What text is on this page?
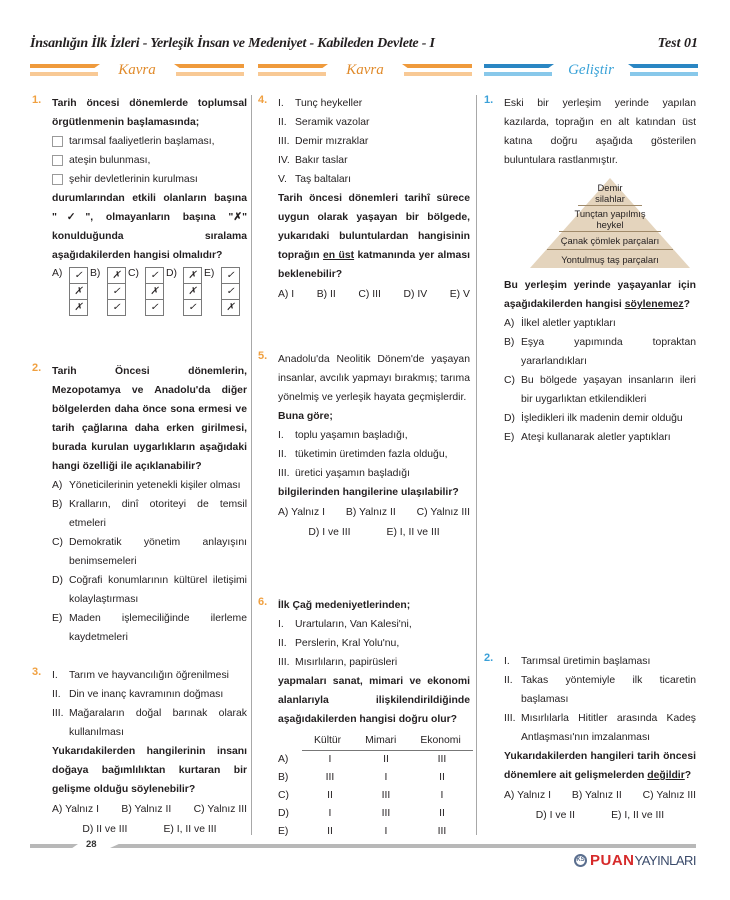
İnsanlığın İlk İzleri - Yerleşik İnsan ve Medeniyet - Kabileden Devlete - I	Test 01
Kavra	Kavra	Geliştir
1. Tarih öncesi dönemlerde toplumsal örgütlenmenin başlamasında;
tarımsal faaliyetlerin başlaması,
ateşin bulunması,
şehir devletlerinin kurulması
durumlarından etkili olanların başına "✓", olmayanların başına "✗" konulduğunda sıralama aşağıdakilerden hangisi olmalıdır?
A)	✓
✗
✗
B)	✗
✓
✓
C)	✓
✗
✓
D)	✗
✗
✓
E)	✓
✓
✗
2. Tarih Öncesi dönemlerin, Mezopotamya ve Anadolu'da diğer bölgelerden daha önce sona ermesi ve tarih çağlarına daha erken girilmesi, burada kurulan uygarlıkların aşağıdaki hangi özelliği ile açıklanabilir?
A) Yöneticilerinin yetenekli kişiler olması
B) Kralların, dinî otoriteyi de temsil etmeleri
C) Demokratik yönetim anlayışını benimsemeleri
D) Coğrafi konumlarının kültürel iletişimi kolaylaştırması
E) Maden işlemeciliğinde ilerleme kaydetmeleri
3. I.	Tarım ve hayvancılığın öğrenilmesi
II. Din ve inanç kavramının doğması
III. Mağaraların doğal barınak olarak kullanılması
Yukarıdakilerden hangilerinin insanı doğaya bağımlılıktan kurtaran bir gelişme olduğu söylenebilir?
A) Yalnız I B) Yalnız II C) Yalnız III
D) II ve III	E) I, II ve III
4. I.	Tunç heykeller
II. Seramik vazolar
III. Demir mızraklar
IV. Bakır taslar
V. Taş baltaları
Tarih öncesi dönemleri tarihî sürece uygun olarak yaşayan bir bölgede, yukarıdaki buluntulardan hangisinin toprağın en üst katmanında yer alması beklenebilir?
A) I B) II C) III D) IV E) V
5. Anadolu'da Neolitik Dönem'de yaşayan insanlar, avcılık yapmayı bırakmış; tarıma yönelmiş ve yerleşik hayata geçmişlerdir.
Buna göre;
I.	toplu yaşamın başladığı,
II. tüketimin üretimden fazla olduğu,
III. üretici yaşamın başladığı
bilgilerinden hangilerine ulaşılabilir?
A) Yalnız I B) Yalnız II C) Yalnız III
D) I ve III	E) I, II ve III
6. İlk Çağ medeniyetlerinden;
I.	Urartuların, Van Kalesi'ni,
II. Perslerin, Kral Yolu'nu,
III. Mısırlıların, papirüsleri
yapmaları sanat, mimari ve ekonomi alanlarıyla ilişkilendirildiğinde aşağıdakilerden hangisi doğru olur?
Kültür	Mimari	Ekonomi
A)	I	II	III
B)	III	I	II
C)	II	III	I
D)	I	III	II
E)	II	I	III
1. Eski bir yerleşim yerinde yapılan kazılarda, toprağın en alt katından üst katına doğru aşağıda gösterilen buluntulara rastlanmıştır.
Demir silahlar
Tunçtan yapılmış heykel
Çanak çömlek parçaları
Yontulmuş taş parçaları
Bu yerleşim yerinde yaşayanlar için aşağıdakilerden hangisi söylenemez?
A) İlkel aletler yaptıkları
B) Eşya yapımında topraktan yararlandıkları
C) Bu bölgede yaşayan insanların ileri bir uygarlıktan etkilendikleri
D) İşledikleri ilk madenin demir olduğu
E) Ateşi kullanarak aletler yaptıkları
2. I.	Tarımsal üretimin başlaması
II. Takas yöntemiyle ilk ticaretin başlaması
III. Mısırlılarla Hititler arasında Kadeş Antlaşması'nın imzalanması
Yukarıdakilerden hangileri tarih öncesi dönemlere ait gelişmelerden değildir?
A) Yalnız I B) Yalnız II C) Yalnız III
D) I ve II	E) I, II ve III
28
KS PUAN YAYINLARI
